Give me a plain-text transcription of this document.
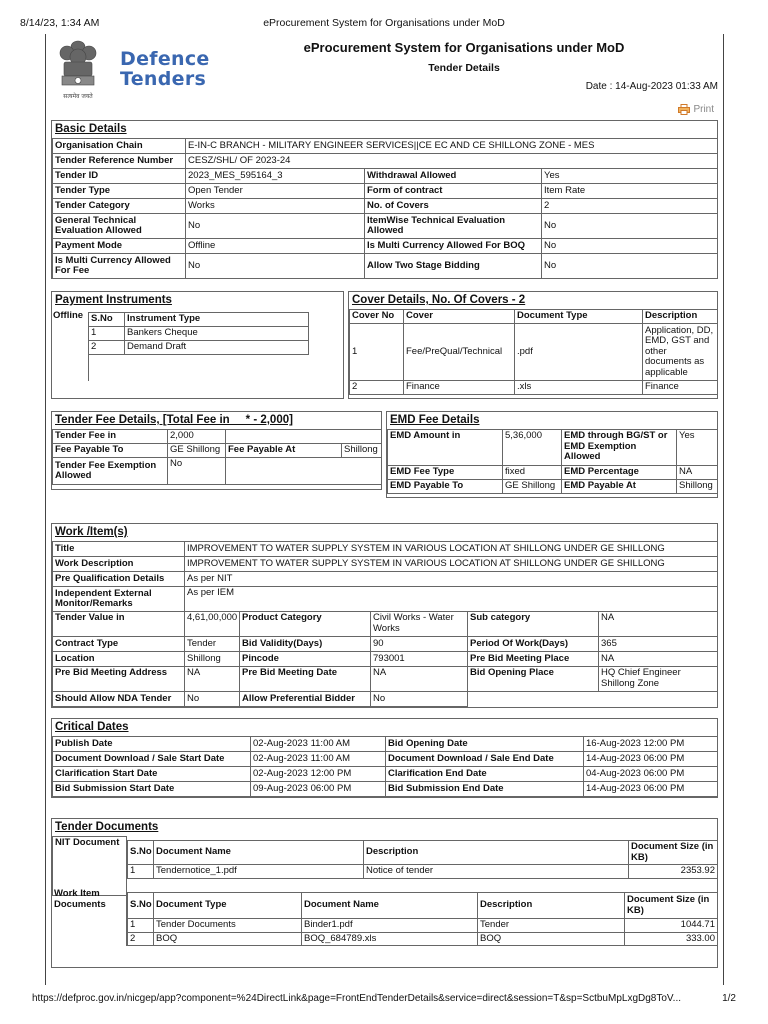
8/14/23, 1:34 AM	eProcurement System for Organisations under MoD
सत्यमेव जयते
Defence
Tenders
eProcurement System for Organisations under MoD
Tender Details
Date : 14-Aug-2023 01:33 AM
Print
Basic Details
Organisation Chain	E-IN-C BRANCH - MILITARY ENGINEER SERVICES||CE EC AND CE SHILLONG ZONE - MES		
Tender Reference Number	CESZ/SHL/ OF 2023-24		
Tender ID	2023_MES_595164_3	Withdrawal Allowed	Yes
Tender Type	Open Tender	Form of contract	Item Rate
Tender Category	Works	No. of Covers	2
General Technical Evaluation Allowed	No	ItemWise Technical Evaluation Allowed	No
Payment Mode	Offline	Is Multi Currency Allowed For BOQ	No
Is Multi Currency Allowed For Fee	No	Allow Two Stage Bidding	No
Payment Instruments
Offline S.No	Instrument Type
1	Bankers Cheque
2	Demand Draft
Cover Details, No. Of Covers - 2
Cover No	Cover	Document Type	Description
1	Fee/PreQual/Technical	.pdf	Application, DD, EMD, GST and other documents as applicable
2	Finance	.xls	Finance
Tender Fee Details, [Total Fee in     * - 2,000]
Tender Fee in	2,000		
Fee Payable To	GE Shillong	Fee Payable At	Shillong
Tender Fee Exemption Allowed	No		
EMD Fee Details
EMD Amount in	5,36,000	EMD through BG/ST or EMD Exemption Allowed	Yes
EMD Fee Type	fixed	EMD Percentage	NA
EMD Payable To	GE Shillong	EMD Payable At	Shillong
Work /Item(s)
Title	IMPROVEMENT TO WATER SUPPLY SYSTEM IN VARIOUS LOCATION AT SHILLONG UNDER GE SHILLONG				
Work Description	IMPROVEMENT TO WATER SUPPLY SYSTEM IN VARIOUS LOCATION AT SHILLONG UNDER GE SHILLONG				
Pre Qualification Details	As per NIT				
Independent External Monitor/Remarks	As per IEM				
Tender Value in	4,61,00,000	Product Category	Civil Works - Water Works	Sub category	NA
Contract Type	Tender	Bid Validity(Days)	90	Period Of Work(Days)	365
Location	Shillong	Pincode	793001	Pre Bid Meeting Place	NA
Pre Bid Meeting Address	NA	Pre Bid Meeting Date	NA	Bid Opening Place	HQ Chief Engineer Shillong Zone
Should Allow NDA Tender	No	Allow Preferential Bidder	No		
Critical Dates
Publish Date	02-Aug-2023 11:00 AM	Bid Opening Date	16-Aug-2023 12:00 PM
Document Download / Sale Start Date	02-Aug-2023 11:00 AM	Document Download / Sale End Date	14-Aug-2023 06:00 PM
Clarification Start Date	02-Aug-2023 12:00 PM	Clarification End Date	04-Aug-2023 06:00 PM
Bid Submission Start Date	09-Aug-2023 06:00 PM	Bid Submission End Date	14-Aug-2023 06:00 PM
Tender Documents
NIT Document
S.No	Document Name	Description	Document Size (in KB)
1	Tendernotice_1.pdf	Notice of tender	2353.92
Work Item Documents	S.No	Document Type	Document Name	Description	Document Size (in KB)
1	Tender Documents	Binder1.pdf	Tender	1044.71
2	BOQ	BOQ_684789.xls	BOQ	333.00
https://defproc.gov.in/nicgep/app?component=%24DirectLink&page=FrontEndTenderDetails&service=direct&session=T&sp=SctbuMpLxgDg8ToV...	1/2
